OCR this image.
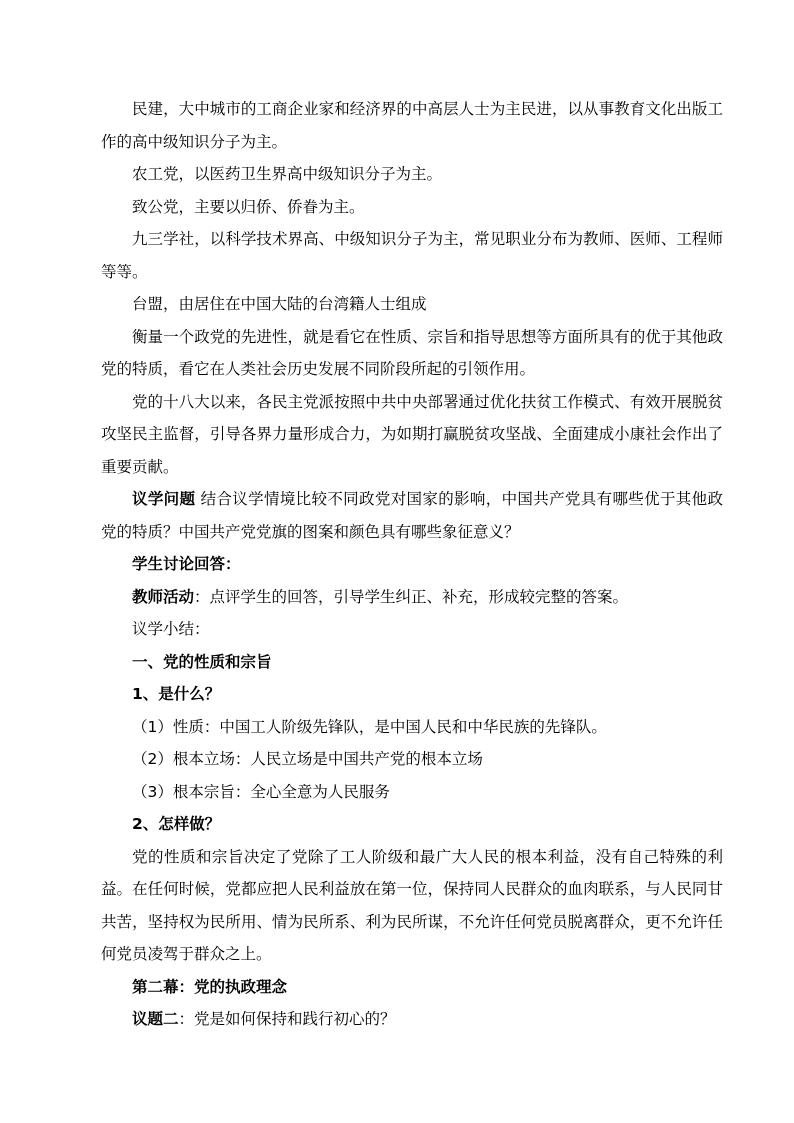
民建，大中城市的工商企业家和经济界的中高层人士为主民进，以从事教育文化出版工作的高中级知识分子为主。

农工党，以医药卫生界高中级知识分子为主。

致公党，主要以归侨、侨眷为主。

九三学社，以科学技术界高、中级知识分子为主，常见职业分布为教师、医师、工程师等等。

台盟，由居住在中国大陆的台湾籍人士组成

衡量一个政党的先进性，就是看它在性质、宗旨和指导思想等方面所具有的优于其他政党的特质，看它在人类社会历史发展不同阶段所起的引领作用。

党的十八大以来，各民主党派按照中共中央部署通过优化扶贫工作模式、有效开展脱贫攻坚民主监督，引导各界力量形成合力，为如期打赢脱贫攻坚战、全面建成小康社会作出了重要贡献。

议学问题 结合议学情境比较不同政党对国家的影响，中国共产党具有哪些优于其他政党的特质？中国共产党党旗的图案和颜色具有哪些象征意义？

学生讨论回答：

教师活动：点评学生的回答，引导学生纠正、补充，形成较完整的答案。

议学小结：

一、党的性质和宗旨

1、是什么？

（1）性质：中国工人阶级先锋队，是中国人民和中华民族的先锋队。

（2）根本立场：人民立场是中国共产党的根本立场

（3）根本宗旨：全心全意为人民服务

2、怎样做？

党的性质和宗旨决定了党除了工人阶级和最广大人民的根本利益，没有自己特殊的利益。在任何时候，党都应把人民利益放在第一位，保持同人民群众的血肉联系，与人民同甘共苦，坚持权为民所用、情为民所系、利为民所谋，不允许任何党员脱离群众，更不允许任何党员凌驾于群众之上。

第二幕：党的执政理念

议题二：党是如何保持和践行初心的？
